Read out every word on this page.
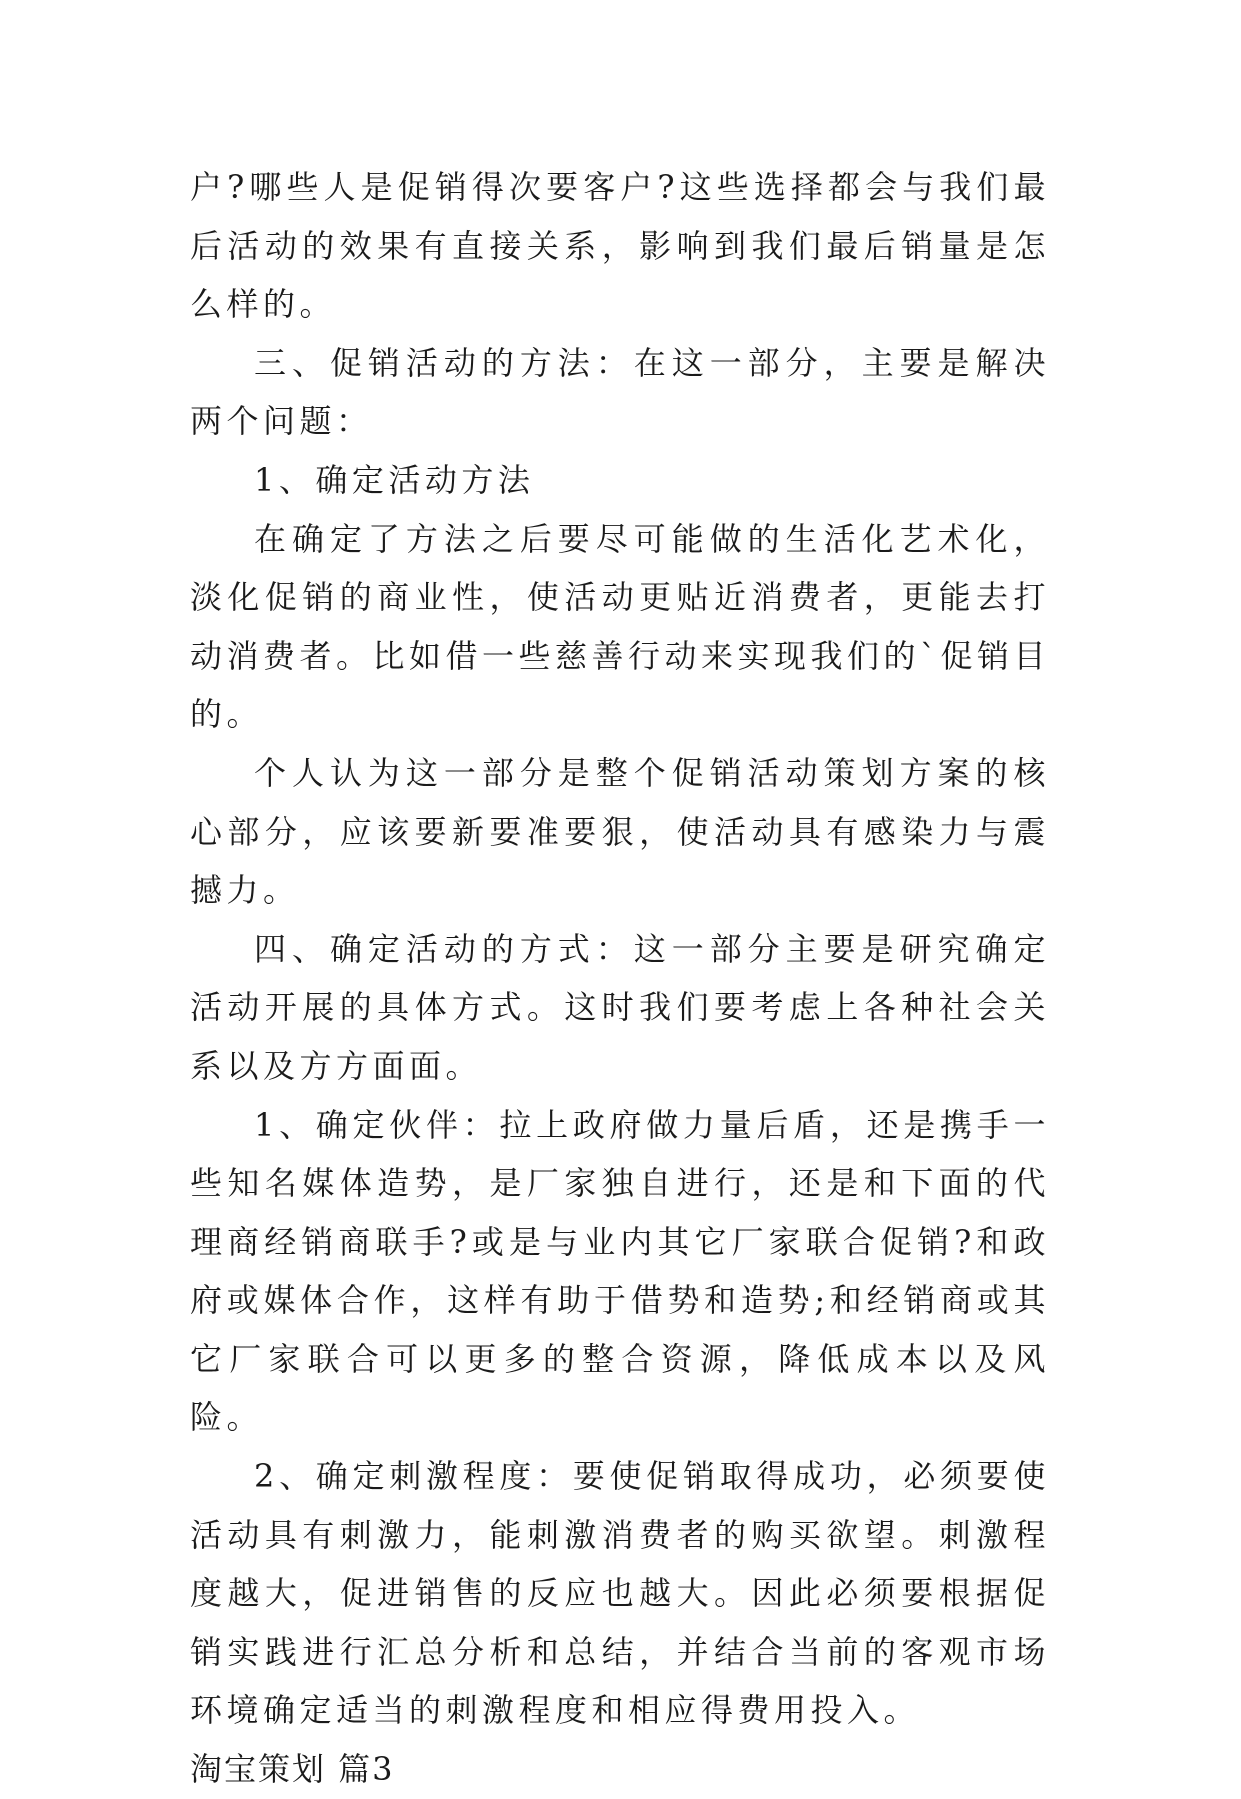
户?哪些人是促销得次要客户?这些选择都会与我们最后活动的效果有直接关系，影响到我们最后销量是怎么样的。

三、促销活动的方法：在这一部分，主要是解决两个问题：

1、确定活动方法

在确定了方法之后要尽可能做的生活化艺术化，淡化促销的商业性，使活动更贴近消费者，更能去打动消费者。比如借一些慈善行动来实现我们的`促销目的。

个人认为这一部分是整个促销活动策划方案的核心部分，应该要新要准要狠，使活动具有感染力与震撼力。

四、确定活动的方式：这一部分主要是研究确定活动开展的具体方式。这时我们要考虑上各种社会关系以及方方面面。

1、确定伙伴：拉上政府做力量后盾，还是携手一些知名媒体造势，是厂家独自进行，还是和下面的代理商经销商联手?或是与业内其它厂家联合促销?和政府或媒体合作，这样有助于借势和造势;和经销商或其它厂家联合可以更多的整合资源，降低成本以及风险。

2、确定刺激程度：要使促销取得成功，必须要使活动具有刺激力，能刺激消费者的购买欲望。刺激程度越大，促进销售的反应也越大。因此必须要根据促销实践进行汇总分析和总结，并结合当前的客观市场环境确定适当的刺激程度和相应得费用投入。

淘宝策划 篇3
